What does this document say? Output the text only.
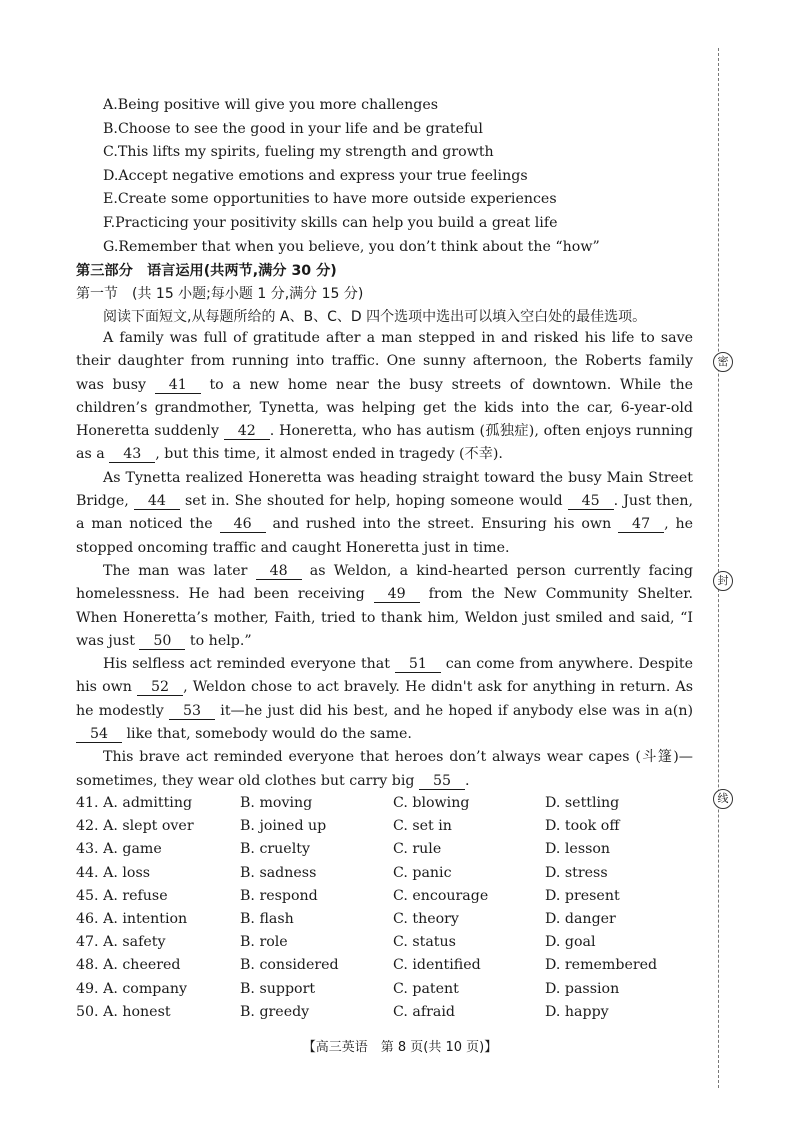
A.Being positive will give you more challenges
B.Choose to see the good in your life and be grateful
C.This lifts my spirits, fueling my strength and growth
D.Accept negative emotions and express your true feelings
E.Create some opportunities to have more outside experiences
F.Practicing your positivity skills can help you build a great life
G.Remember that when you believe, you don’t think about the “how”
第三部分　语言运用(共两节,满分 30 分)
第一节　(共 15 小题;每小题 1 分,满分 15 分)
阅读下面短文,从每题所给的 A、B、C、D 四个选项中选出可以填入空白处的最佳选项。

A family was full of gratitude after a man stepped in and risked his life to save their daughter from running into traffic. One sunny afternoon, the Roberts family was busy 41 to a new home near the busy streets of downtown. While the children’s grandmother, Tynetta, was helping get the kids into the car, 6-year-old Honeretta suddenly 42 . Honeretta, who has autism (孤独症), often enjoys running as a 43 , but this time, it almost ended in tragedy (不幸).

As Tynetta realized Honeretta was heading straight toward the busy Main Street Bridge, 44 set in. She shouted for help, hoping someone would 45 . Just then, a man noticed the 46 and rushed into the street. Ensuring his own 47 , he stopped oncoming traffic and caught Honeretta just in time.

The man was later 48 as Weldon, a kind-hearted person currently facing homelessness. He had been receiving 49 from the New Community Shelter. When Honeretta’s mother, Faith, tried to thank him, Weldon just smiled and said, “I was just 50 to help.”

His selfless act reminded everyone that 51 can come from anywhere. Despite his own 52 , Weldon chose to act bravely. He didn't ask for anything in return. As he modestly 53 it—he just did his best, and he hoped if anybody else was in a(n) 54 like that, somebody would do the same.

This brave act reminded everyone that heroes don’t always wear capes (斗篷)—sometimes, they wear old clothes but carry big 55 .

41. A. admitting	B. moving	C. blowing	D. settling
42. A. slept over	B. joined up	C. set in	D. took off
43. A. game	B. cruelty	C. rule	D. lesson
44. A. loss	B. sadness	C. panic	D. stress
45. A. refuse	B. respond	C. encourage	D. present
46. A. intention	B. flash	C. theory	D. danger
47. A. safety	B. role	C. status	D. goal
48. A. cheered	B. considered	C. identified	D. remembered
49. A. company	B. support	C. patent	D. passion
50. A. honest	B. greedy	C. afraid	D. happy
【高三英语　第 8 页(共 10 页)】
密
封
线
